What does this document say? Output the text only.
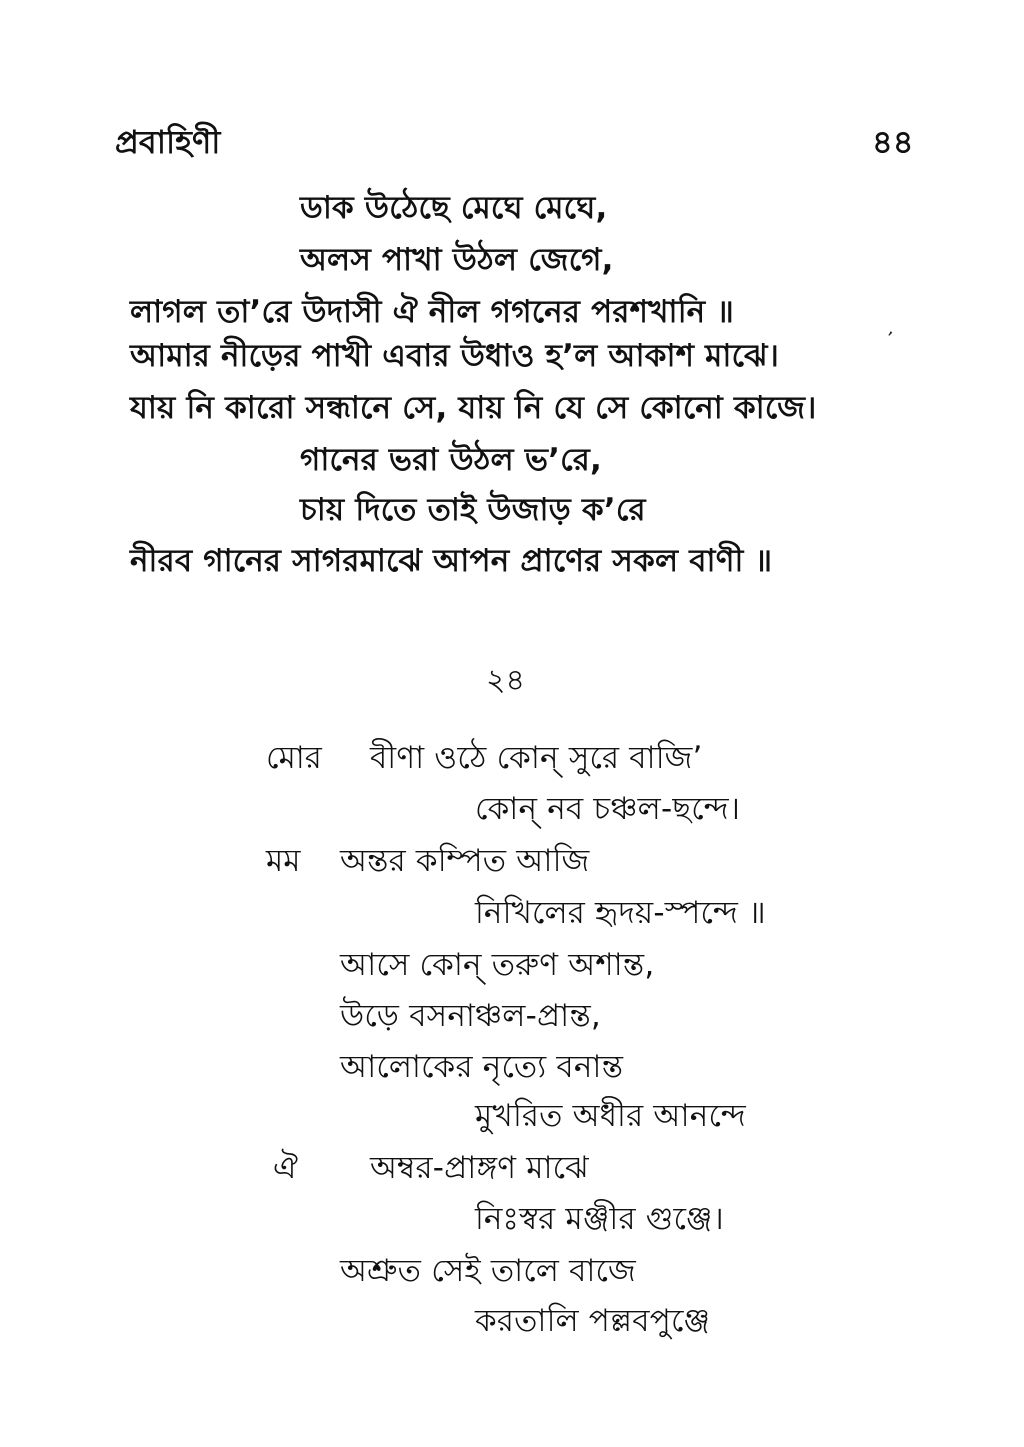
প্রবাহিণী	৪৪
ডাক উঠেছে মেঘে মেঘে,
অলস পাখা উঠল জেগে,
লাগল তা’রে উদাসী ঐ নীল গগনের পরশখানি ॥
আমার নীড়ের পাখী এবার উধাও হ’ল আকাশ মাঝে।
যায় নি কারো সন্ধানে সে, যায় নি যে সে কোনো কাজে।
গানের ভরা উঠল ভ’রে,
চায় দিতে তাই উজাড় ক’রে
নীরব গানের সাগরমাঝে আপন প্রাণের সকল বাণী ॥
২৪
মোর বীণা ওঠে কোন্ সুরে বাজি’
কোন্ নব চঞ্চল-ছন্দে।
মম অন্তর কম্পিত আজি
নিখিলের হৃদয়-স্পন্দে ॥
আসে কোন্ তরুণ অশান্ত,
উড়ে বসনাঞ্চল-প্রান্ত,
আলোকের নৃত্যে বনান্ত
মুখরিত অধীর আনন্দে
ঐ অম্বর-প্রাঙ্গণ মাঝে
নিঃস্বর মঞ্জীর গুঞ্জে।
অশ্রুত সেই তালে বাজে
করতালি পল্লবপুঞ্জে
,
